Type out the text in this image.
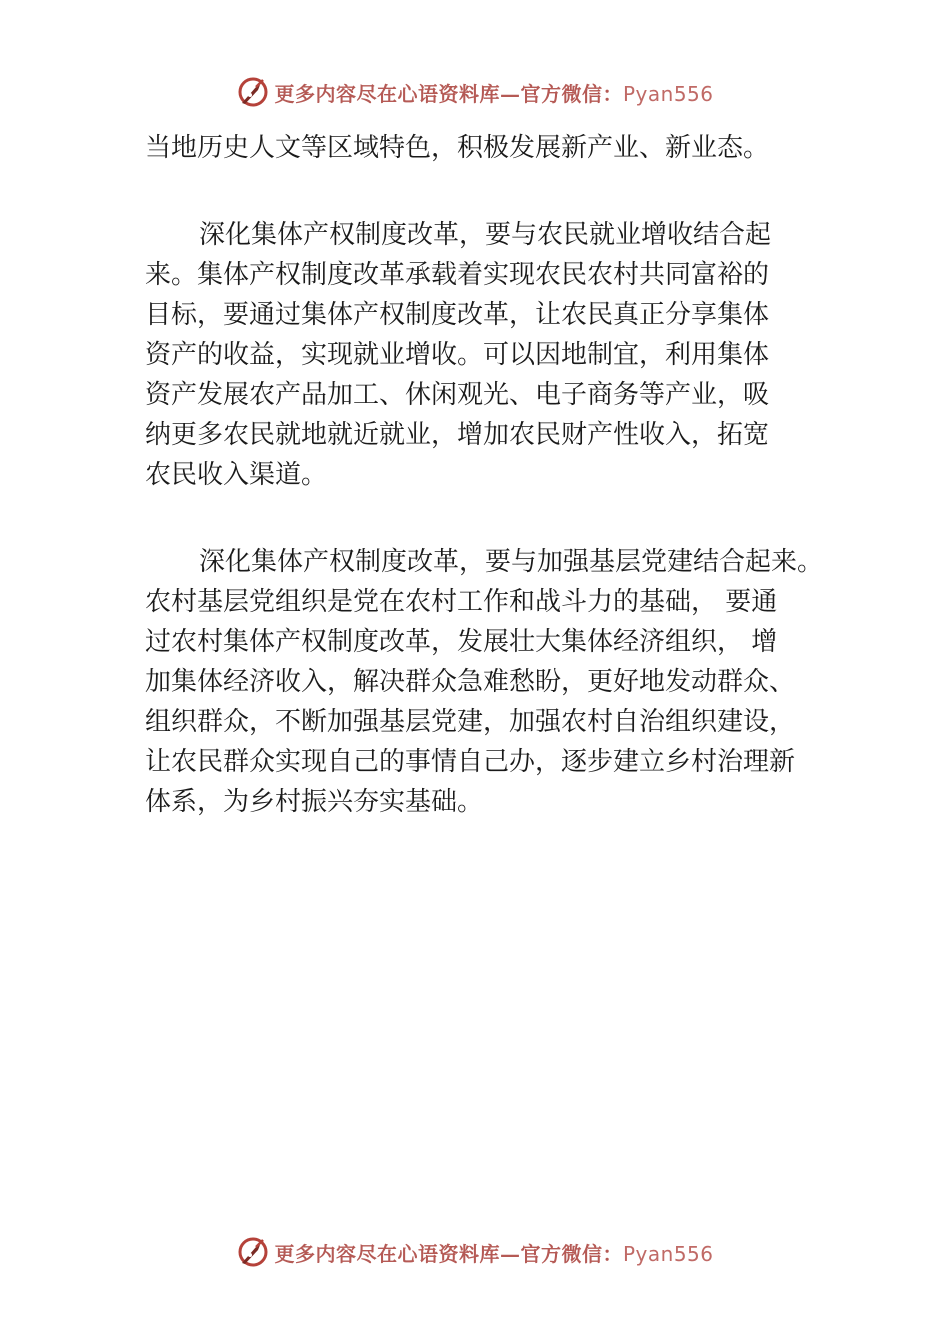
更多内容尽在心语资料库—官方微信：Pyan556
当地历史人文等区域特色，积极发展新产业、新业态。
深化集体产权制度改革，要与农民就业增收结合起
来。集体产权制度改革承载着实现农民农村共同富裕的
目标，要通过集体产权制度改革，让农民真正分享集体
资产的收益，实现就业增收。可以因地制宜，利用集体
资产发展农产品加工、休闲观光、电子商务等产业，吸
纳更多农民就地就近就业，增加农民财产性收入，拓宽
农民收入渠道。
深化集体产权制度改革，要与加强基层党建结合起来。
农村基层党组织是党在农村工作和战斗力的基础， 要通
过农村集体产权制度改革，发展壮大集体经济组织， 增
加集体经济收入，解决群众急难愁盼，更好地发动群众、
组织群众，不断加强基层党建，加强农村自治组织建设，
让农民群众实现自己的事情自己办，逐步建立乡村治理新
体系，为乡村振兴夯实基础。
更多内容尽在心语资料库—官方微信：Pyan556
